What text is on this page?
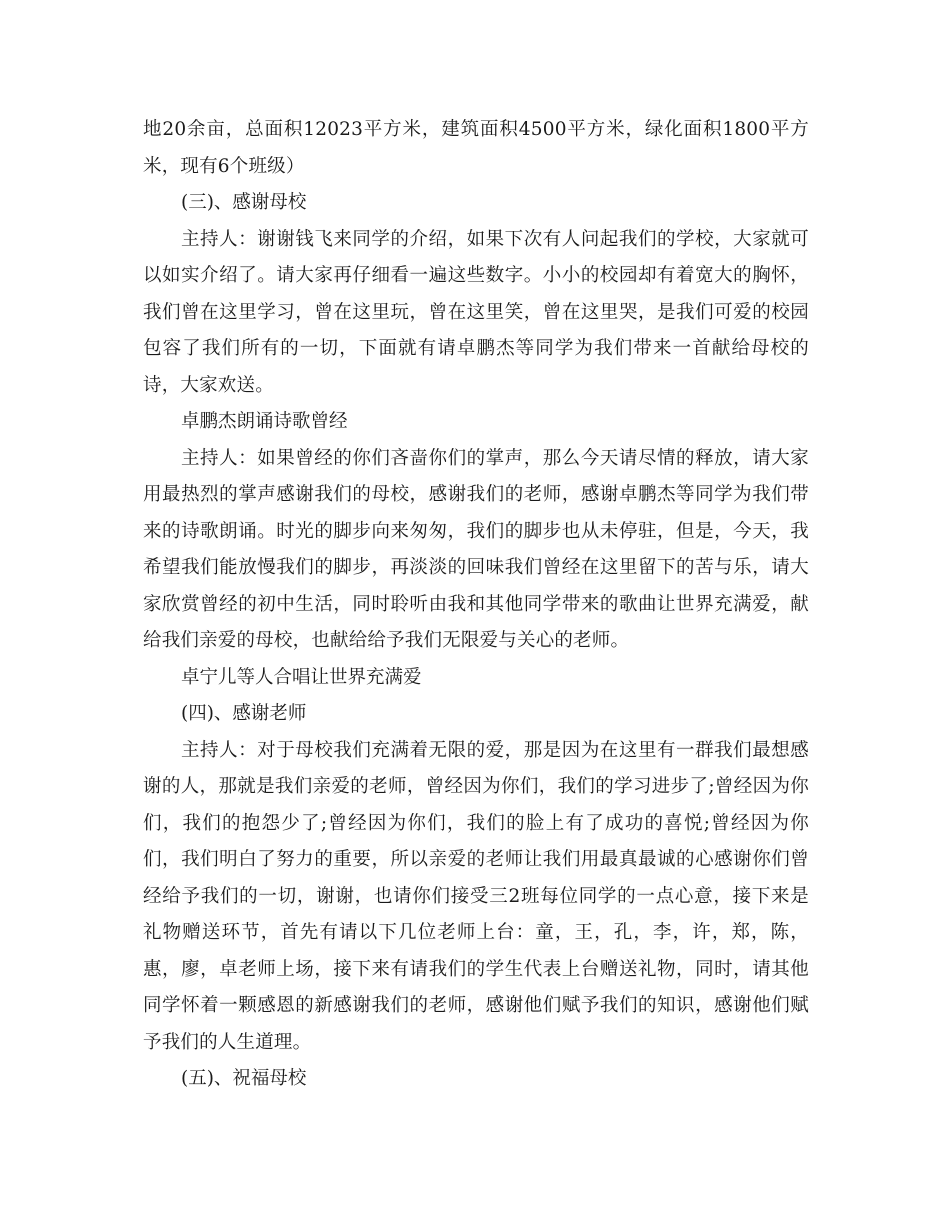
地20余亩，总面积12023平方米，建筑面积4500平方米，绿化面积1800平方米，现有6个班级）

(三)、感谢母校

主持人：谢谢钱飞来同学的介绍，如果下次有人问起我们的学校，大家就可以如实介绍了。请大家再仔细看一遍这些数字。小小的校园却有着宽大的胸怀，我们曾在这里学习，曾在这里玩，曾在这里笑，曾在这里哭，是我们可爱的校园包容了我们所有的一切，下面就有请卓鹏杰等同学为我们带来一首献给母校的诗，大家欢送。

卓鹏杰朗诵诗歌曾经

主持人：如果曾经的你们吝啬你们的掌声，那么今天请尽情的释放，请大家用最热烈的掌声感谢我们的母校，感谢我们的老师，感谢卓鹏杰等同学为我们带来的诗歌朗诵。时光的脚步向来匆匆，我们的脚步也从未停驻，但是，今天，我希望我们能放慢我们的脚步，再淡淡的回味我们曾经在这里留下的苦与乐，请大家欣赏曾经的初中生活，同时聆听由我和其他同学带来的歌曲让世界充满爱，献给我们亲爱的母校，也献给给予我们无限爱与关心的老师。

卓宁儿等人合唱让世界充满爱

(四)、感谢老师

主持人：对于母校我们充满着无限的爱，那是因为在这里有一群我们最想感谢的人，那就是我们亲爱的老师，曾经因为你们，我们的学习进步了;曾经因为你们，我们的抱怨少了;曾经因为你们，我们的脸上有了成功的喜悦;曾经因为你们，我们明白了努力的重要，所以亲爱的老师让我们用最真最诚的心感谢你们曾经给予我们的一切，谢谢，也请你们接受三2班每位同学的一点心意，接下来是礼物赠送环节，首先有请以下几位老师上台：童，王，孔，李，许，郑，陈，惠，廖，卓老师上场，接下来有请我们的学生代表上台赠送礼物，同时，请其他同学怀着一颗感恩的新感谢我们的老师，感谢他们赋予我们的知识，感谢他们赋予我们的人生道理。

(五)、祝福母校
